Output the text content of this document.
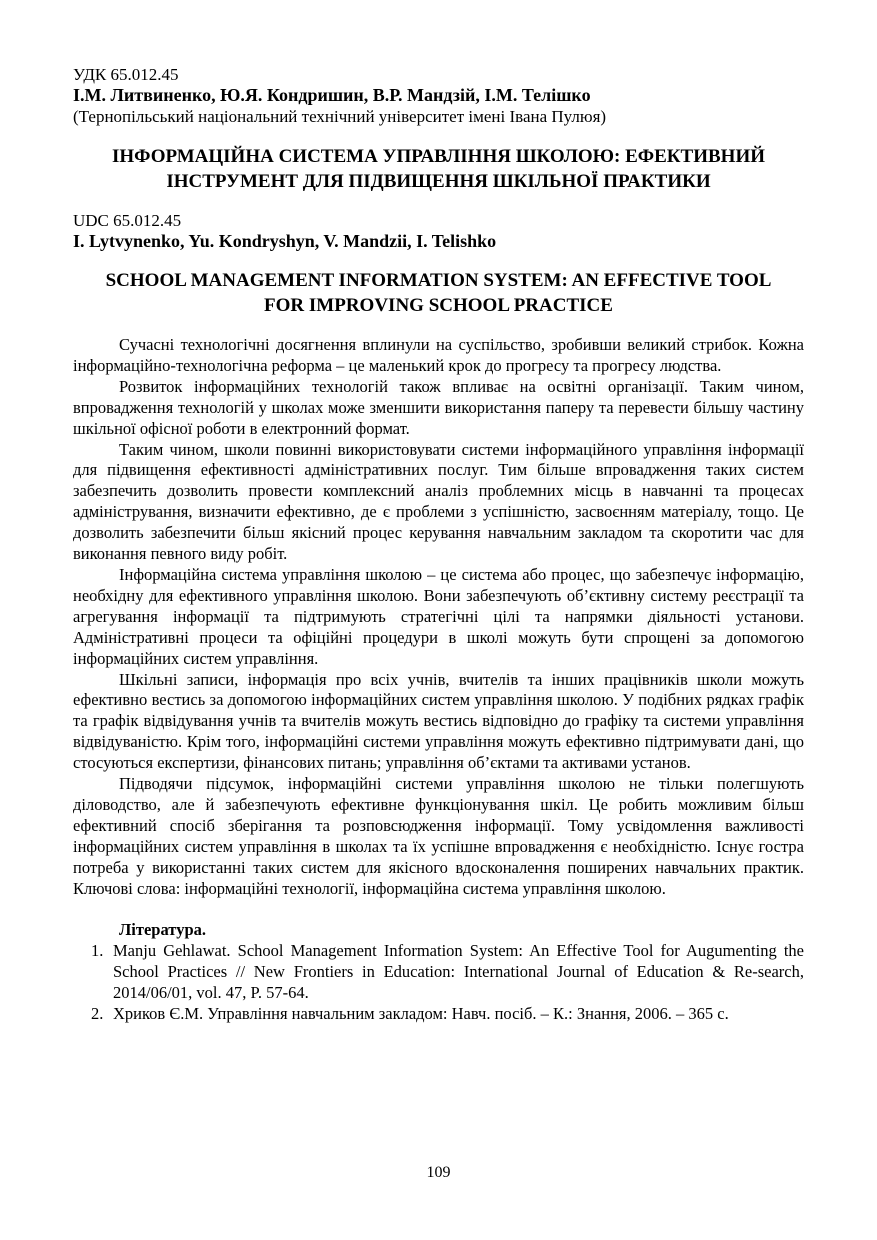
УДК 65.012.45

І.М. Литвиненко, Ю.Я. Кондришин, В.Р. Мандзій, І.М. Телішко

(Тернопільський національний технічний університет імені Івана Пулюя)

ІНФОРМАЦІЙНА СИСТЕМА УПРАВЛІННЯ ШКОЛОЮ: ЕФЕКТИВНИЙ

ІНСТРУМЕНТ ДЛЯ ПІДВИЩЕННЯ ШКІЛЬНОЇ ПРАКТИКИ

UDC 65.012.45

I. Lytvynenko, Yu. Kondryshyn, V. Mandzii, I. Telishko

SCHOOL MANAGEMENT INFORMATION SYSTEM: AN EFFECTIVE TOOL

FOR IMPROVING SCHOOL PRACTICE

Сучасні технологічні досягнення вплинули на суспільство, зробивши великий стрибок. Кожна інформаційно-технологічна реформа – це маленький крок до прогресу та прогресу людства.

Розвиток інформаційних технологій також впливає на освітні організації. Таким чином, впровадження технологій у школах може зменшити використання паперу та перевести більшу частину шкільної офісної роботи в електронний формат.

Таким чином, школи повинні використовувати системи інформаційного управління інформації для підвищення ефективності адміністративних послуг. Тим більше впровадження таких систем забезпечить дозволить провести комплексний аналіз проблемних місць в навчанні та процесах адміністрування, визначити ефективно, де є проблеми з успішністю, засвоєнням матеріалу, тощо. Це дозволить забезпечити більш якісний процес керування навчальним закладом та скоротити час для виконання певного виду робіт.

Інформаційна система управління школою – це система або процес, що забезпечує інформацію, необхідну для ефективного управління школою. Вони забезпечують об’єктивну систему реєстрації та агрегування інформації та підтримують стратегічні цілі та напрямки діяльності установи. Адміністративні процеси та офіційні процедури в школі можуть бути спрощені за допомогою інформаційних систем управління.

Шкільні записи, інформація про всіх учнів, вчителів та інших працівників школи можуть ефективно вестись за допомогою інформаційних систем управління школою. У подібних рядках графік та графік відвідування учнів та вчителів можуть вестись відповідно до графіку та системи управління відвідуваністю. Крім того, інформаційні системи управління можуть ефективно підтримувати дані, що стосуються експертизи, фінансових питань; управління об’єктами та активами установ.

Підводячи підсумок, інформаційні системи управління школою не тільки полегшують діловодство, але й забезпечують ефективне функціонування шкіл. Це робить можливим більш ефективний спосіб зберігання та розповсюдження інформації. Тому усвідомлення важливості інформаційних систем управління в школах та їх успішне впровадження є необхідністю. Існує гостра потреба у використанні таких систем для якісного вдосконалення поширених навчальних практик. Ключові слова: інформаційні технології, інформаційна система управління школою.

Література.

1. Manju Gehlawat. School Management Information System: An Effective Tool for Augumenting the School Practices // New Frontiers in Education: International Journal of Education & Re-search, 2014/06/01, vol. 47, P. 57-64.
2. Хриков Є.М. Управління навчальним закладом: Навч. посіб. – К.: Знання, 2006. – 365 с.
109
